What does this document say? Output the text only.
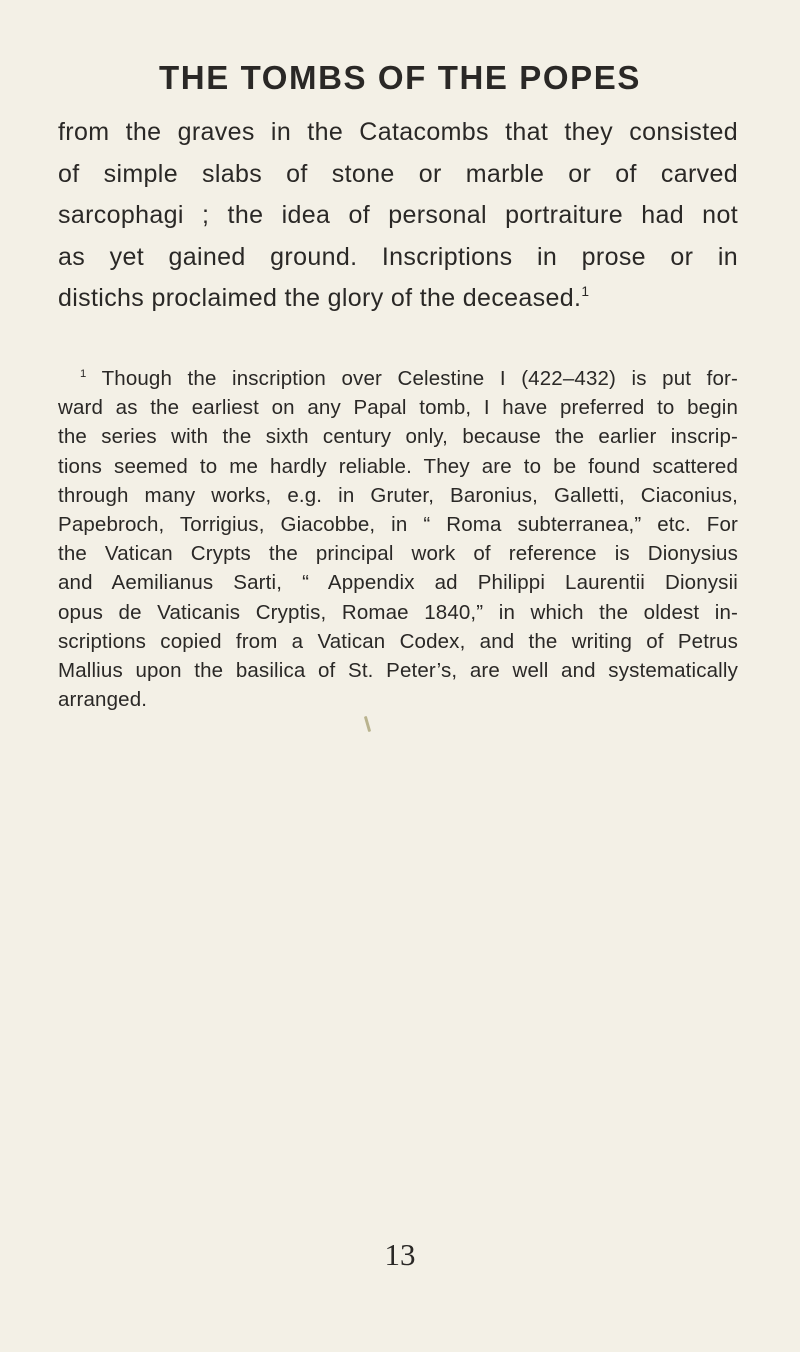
THE TOMBS OF THE POPES

from the graves in the Catacombs that they consisted
of simple slabs of stone or marble or of carved
sarcophagi ; the idea of personal portraiture had not
as yet gained ground. Inscriptions in prose or in
distichs proclaimed the glory of the deceased.$^1$

$^1$ Though the inscription over Celestine I (422–432) is put for-
ward as the earliest on any Papal tomb, I have preferred to begin
the series with the sixth century only, because the earlier inscrip-
tions seemed to me hardly reliable. They are to be found scattered
through many works, e.g. in Gruter, Baronius, Galletti, Ciaconius,
Papebroch, Torrigius, Giacobbe, in “ Roma subterranea,” etc. For
the Vatican Crypts the principal work of reference is Dionysius
and Aemilianus Sarti, “ Appendix ad Philippi Laurentii Dionysii
opus de Vaticanis Cryptis, Romae 1840,” in which the oldest in-
scriptions copied from a Vatican Codex, and the writing of Petrus
Mallius upon the basilica of St. Peter’s, are well and systematically
arranged.

13
